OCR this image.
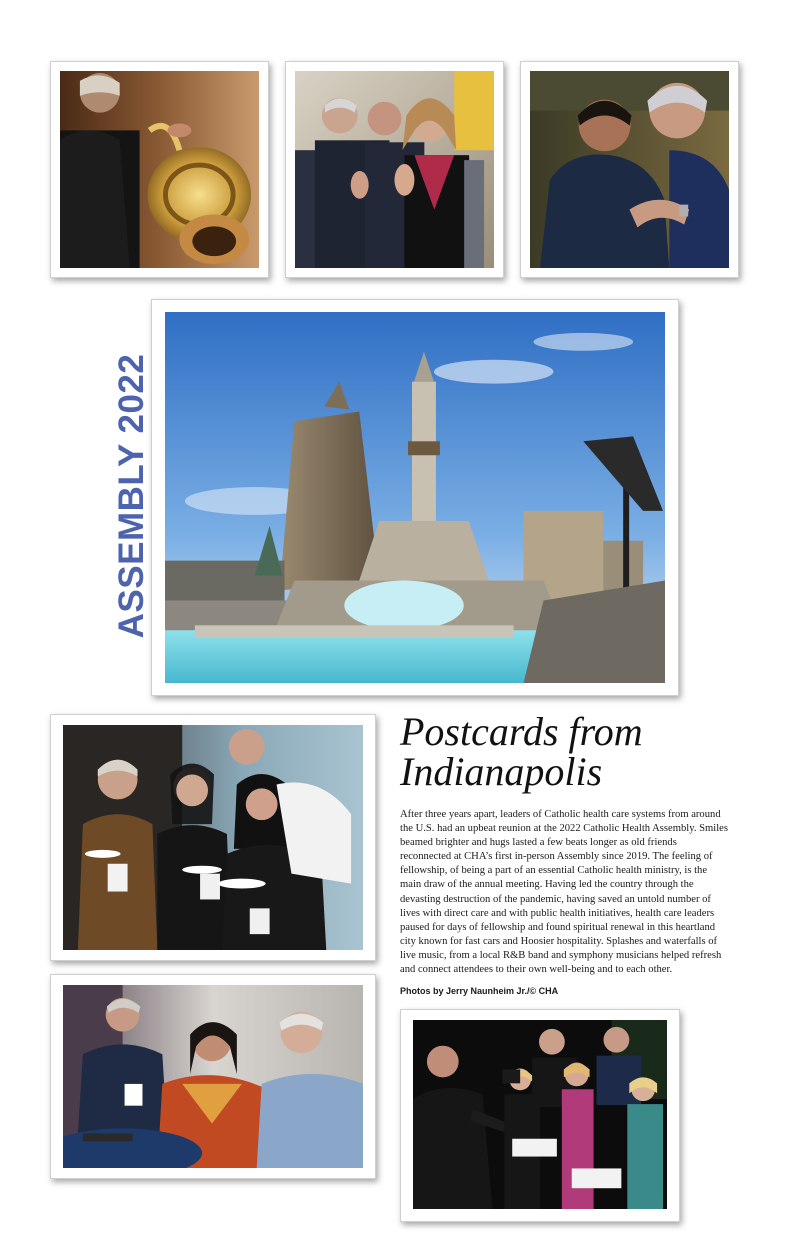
ASSEMBLY 2022
Postcards from Indianapolis

After three years apart, leaders of Catholic health care systems from around the U.S. had an upbeat reunion at the 2022 Catholic Health Assembly. Smiles beamed brighter and hugs lasted a few beats longer as old friends reconnected at CHA’s first in-person Assembly since 2019. The feeling of fellowship, of being a part of an essential Catholic health ministry, is the main draw of the annual meeting. Having led the country through the devasting destruction of the pandemic, having saved an untold number of lives with direct care and with public health initiatives, health care leaders paused for days of fellowship and found spiritual renewal in this heartland city known for fast cars and Hoosier hospitality. Splashes and waterfalls of live music, from a local R&B band and symphony musicians helped refresh and connect attendees to their own well-being and to each other.

Photos by Jerry Naunheim Jr./© CHA
